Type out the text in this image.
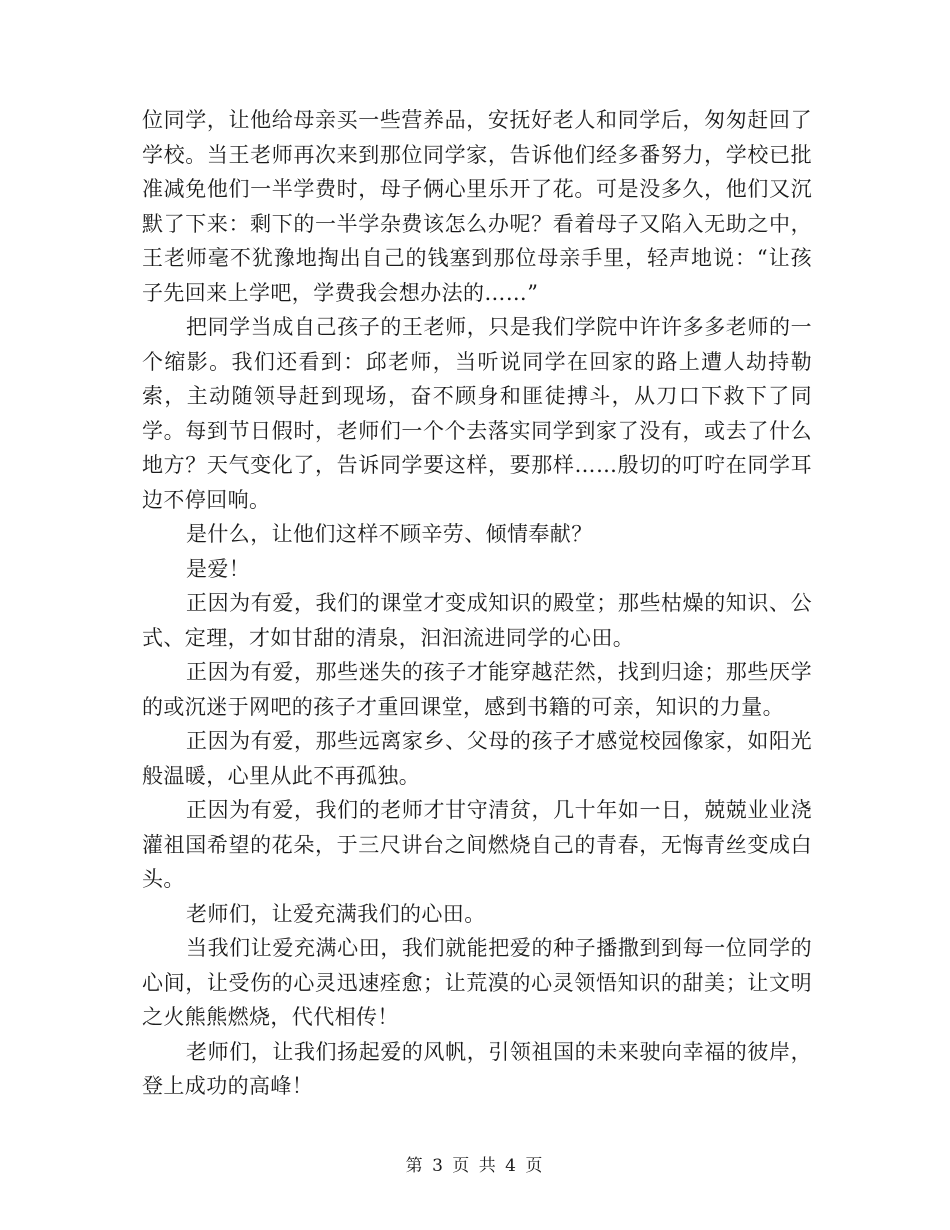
位同学，让他给母亲买一些营养品，安抚好老人和同学后，匆匆赶回了学校。当王老师再次来到那位同学家，告诉他们经多番努力，学校已批准减免他们一半学费时，母子俩心里乐开了花。可是没多久，他们又沉默了下来：剩下的一半学杂费该怎么办呢？看着母子又陷入无助之中，王老师毫不犹豫地掏出自己的钱塞到那位母亲手里，轻声地说：“让孩子先回来上学吧，学费我会想办法的……”

把同学当成自己孩子的王老师，只是我们学院中许许多多老师的一个缩影。我们还看到：邱老师，当听说同学在回家的路上遭人劫持勒索，主动随领导赶到现场，奋不顾身和匪徒搏斗，从刀口下救下了同学。每到节日假时，老师们一个个去落实同学到家了没有，或去了什么地方？天气变化了，告诉同学要这样，要那样……殷切的叮咛在同学耳边不停回响。

是什么，让他们这样不顾辛劳、倾情奉献？

是爱！

正因为有爱，我们的课堂才变成知识的殿堂；那些枯燥的知识、公式、定理，才如甘甜的清泉，汩汩流进同学的心田。

正因为有爱，那些迷失的孩子才能穿越茫然，找到归途；那些厌学的或沉迷于网吧的孩子才重回课堂，感到书籍的可亲，知识的力量。

正因为有爱，那些远离家乡、父母的孩子才感觉校园像家，如阳光般温暖，心里从此不再孤独。

正因为有爱，我们的老师才甘守清贫，几十年如一日，兢兢业业浇灌祖国希望的花朵，于三尺讲台之间燃烧自己的青春，无悔青丝变成白头。

老师们，让爱充满我们的心田。

当我们让爱充满心田，我们就能把爱的种子播撒到到每一位同学的心间，让受伤的心灵迅速痊愈；让荒漠的心灵领悟知识的甜美；让文明之火熊熊燃烧，代代相传！

老师们，让我们扬起爱的风帆，引领祖国的未来驶向幸福的彼岸，登上成功的高峰！

第 3 页 共 4 页
